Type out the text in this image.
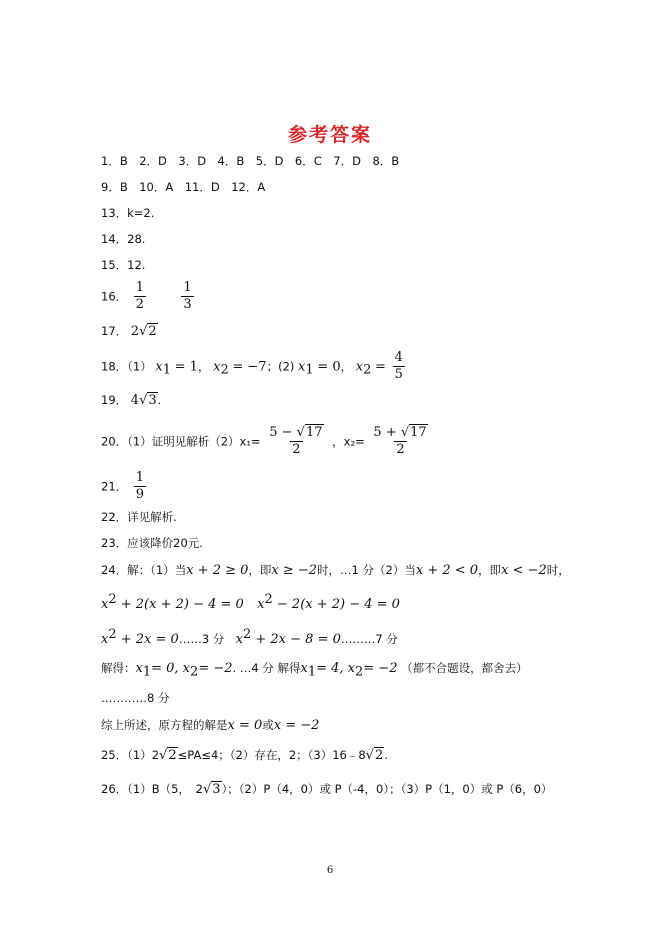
参考答案
1．B　2．D　3．D　4．B　5．D　6．C　7．D　8．B
9．B　10．A　11．D　12．A
13．k=2.
14．28.
15．12.
16． $\frac{1}{2}$
	$\frac{1}{3}$
17． 2√2
18．（1） $x_1 = 1$， $x_2 = -7$；(2) $x_1 = 0$， $x_2 = \frac{4}{5}$
19． 4√3.
20．（1）证明见解析$(2)x_1= \frac{5 - √17}{2}$ ，$x_2= \frac{5 + √17}{2}$
21． $\frac{1}{9}$
22．详见解析.
23．应该降价20元.
24．解：（1）当x + 2 ≥ 0，即x ≥ −2时，…1 分（2）当x + 2 < 0，即x < −2时，
$x^2 + 2(x + 2) - 4 = 0$ $x^2 - 2(x + 2) - 4 = 0$
$x^2 + 2x$ = 0……3 分 $x^2 + 2x - 8$ = 0………7 分
解得：$x_1= 0$, $x_2= -2$. …4 分 解得$x_1= 4$, $x_2= -2$ （都不合题设，都舍去）
…………8 分
综上所述，原方程的解是x = 0或x = −2
25．（1）2√2≤PA≤4；（2）存在，2；（3）16﹣8√2.
26．（1）B（5，　2√3）；（2）P（4，0）或 P（-4，0）；（3）P（1，0）或 P（6，0）
6
